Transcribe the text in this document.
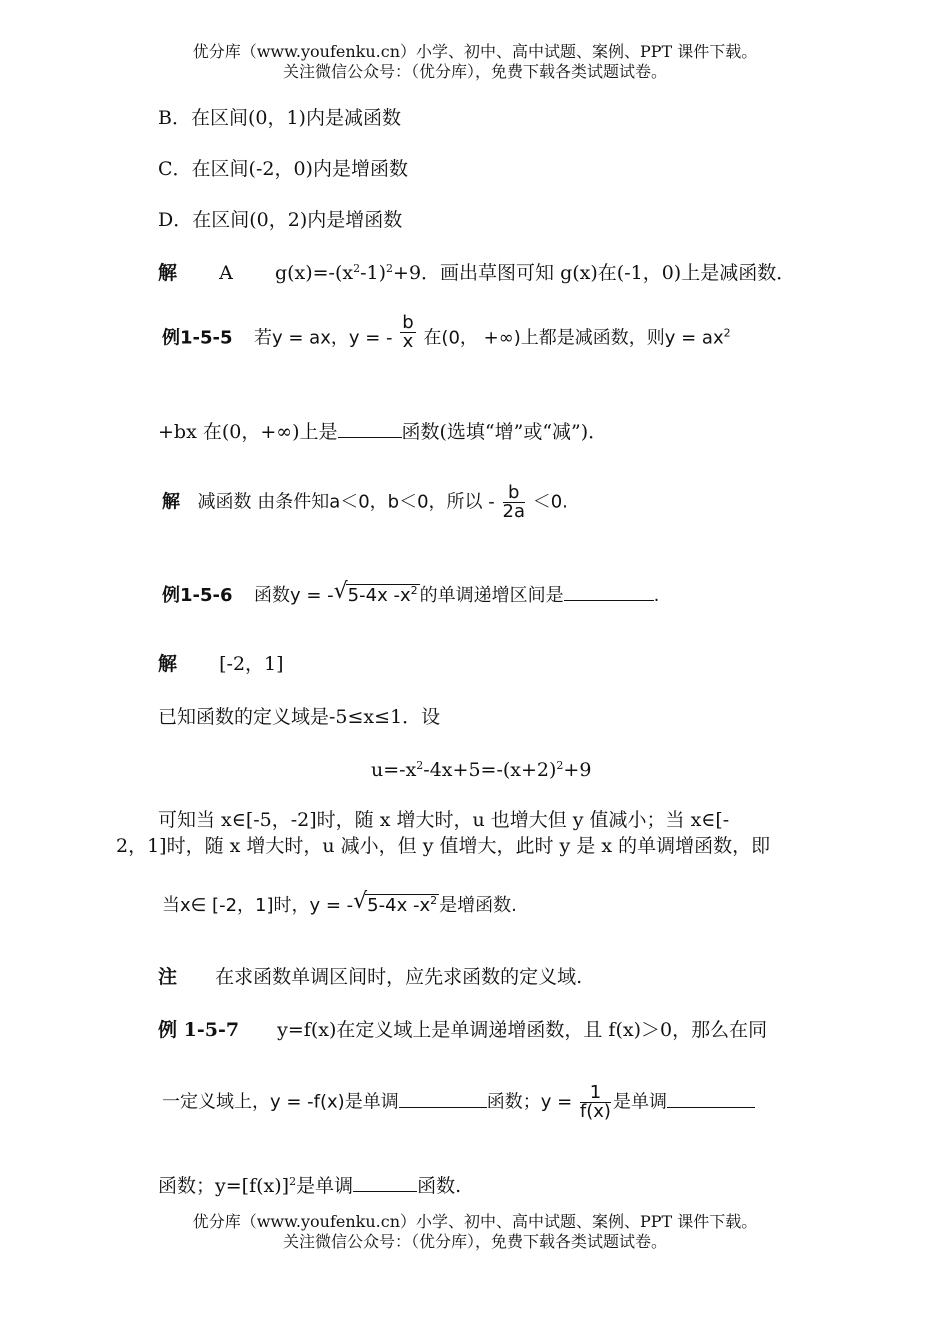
优分库（www.youfenku.cn）小学、初中、高中试题、案例、PPT 课件下载。
关注微信公众号：（优分库），免费下载各类试题试卷。
B．在区间(0，1)内是减函数
C．在区间(-2，0)内是增函数
D．在区间(0，2)内是增函数
解 A $g(x)=-(x^2-1)^2+9$．画出草图可知 g(x)在(-1，0)上是减函数．
例1-5-5 若y = ax，y = - $\frac{b}{x}$ 在(0， +∞)上都是减函数，则$y = ax^2$
+bx 在(0，+∞)上是	函数(选填“增”或“减”)．
解 减函数 由条件知a＜0，b＜0，所以 - $\frac{b}{2a} <0$.
例1-5-6 函数y = - √ 5-4x $-x^2$ 的单调递增区间是	.
解 [-2，1]
已知函数的定义域是-5≤x≤1．设
$u=-x^2-4x+5=-(x+2)^2+9$
可知当 x∈[-5，-2]时，随 x 增大时，u 也增大但 y 值减小；当 x∈[-
2，1]时，随 x 增大时，u 减小，但 y 值增大，此时 y 是 x 的单调增函数，即
当x∈ [-2，1]时，y = - √ 5-4x $-x^2$ 是增函数.
注 在求函数单调区间时，应先求函数的定义域.
例 1-5-7 y=f(x)在定义域上是单调递增函数，且 f(x)＞0，那么在同
一定义域上，y = -f(x)是单调	函数；$y = \frac{1}{f(x)}$ 是单调
函数；$y=[f(x)]^2$是单调	函数.
优分库（www.youfenku.cn）小学、初中、高中试题、案例、PPT 课件下载。
关注微信公众号：（优分库），免费下载各类试题试卷。
